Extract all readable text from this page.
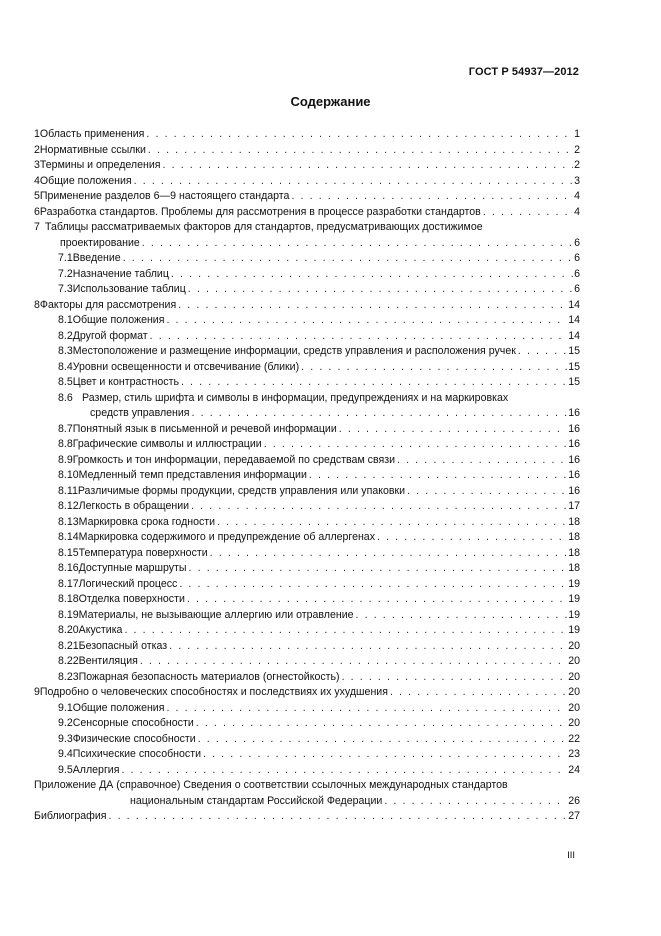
ГОСТ Р 54937—2012
Содержание
1 Область применения . . .	1
2 Нормативные ссылки . . .	2
3 Термины и определения . . .	2
4 Общие положения . . .	3
5 Применение разделов 6—9 настоящего стандарта . . .	4
6 Разработка стандартов. Проблемы для рассмотрения в процессе разработки стандартов . . .	4
7 Таблицы рассматриваемых факторов для стандартов, предусматривающих достижимое
проектирование . . .	6
7.1 Введение . . .	6
7.2 Назначение таблиц . . .	6
7.3 Использование таблиц . . .	6
8 Факторы для рассмотрения . . .	14
8.1 Общие положения . . .	14
8.2 Другой формат . . .	14
8.3 Местоположение и размещение информации, средств управления и расположения ручек . . .	15
8.4 Уровни освещенности и отсвечивание (блики) . . .	15
8.5 Цвет и контрастность . . .	15
8.6 Размер, стиль шрифта и символы в информации, предупреждениях и на маркировках
средств управления . . .	16
8.7 Понятный язык в письменной и речевой информации . . .	16
8.8 Графические символы и иллюстрации . . .	16
8.9 Громкость и тон информации, передаваемой по средствам связи . . .	16
8.10 Медленный темп представления информации . . .	16
8.11 Различимые формы продукции, средств управления или упаковки . . .	16
8.12 Легкость в обращении . . .	17
8.13 Маркировка срока годности . . .	18
8.14 Маркировка содержимого и предупреждение об аллергенах . . .	18
8.15 Температура поверхности . . .	18
8.16 Доступные маршруты . . .	18
8.17 Логический процесс . . .	19
8.18 Отделка поверхности . . .	19
8.19 Материалы, не вызывающие аллергию или отравление . . .	19
8.20 Акустика . . .	19
8.21 Безопасный отказ . . .	20
8.22 Вентиляция . . .	20
8.23 Пожарная безопасность материалов (огнестойкость) . . .	20
9 Подробно о человеческих способностях и последствиях их ухудшения . . .	20
9.1 Общие положения . . .	20
9.2 Сенсорные способности . . .	20
9.3 Физические способности . . .	22
9.4 Психические способности . . .	23
9.5 Аллергия . . .	24
Приложение ДА (справочное) Сведения о соответствии ссылочных международных стандартов
национальным стандартам Российской Федерации . . .	26
Библиография . . .	27
III
